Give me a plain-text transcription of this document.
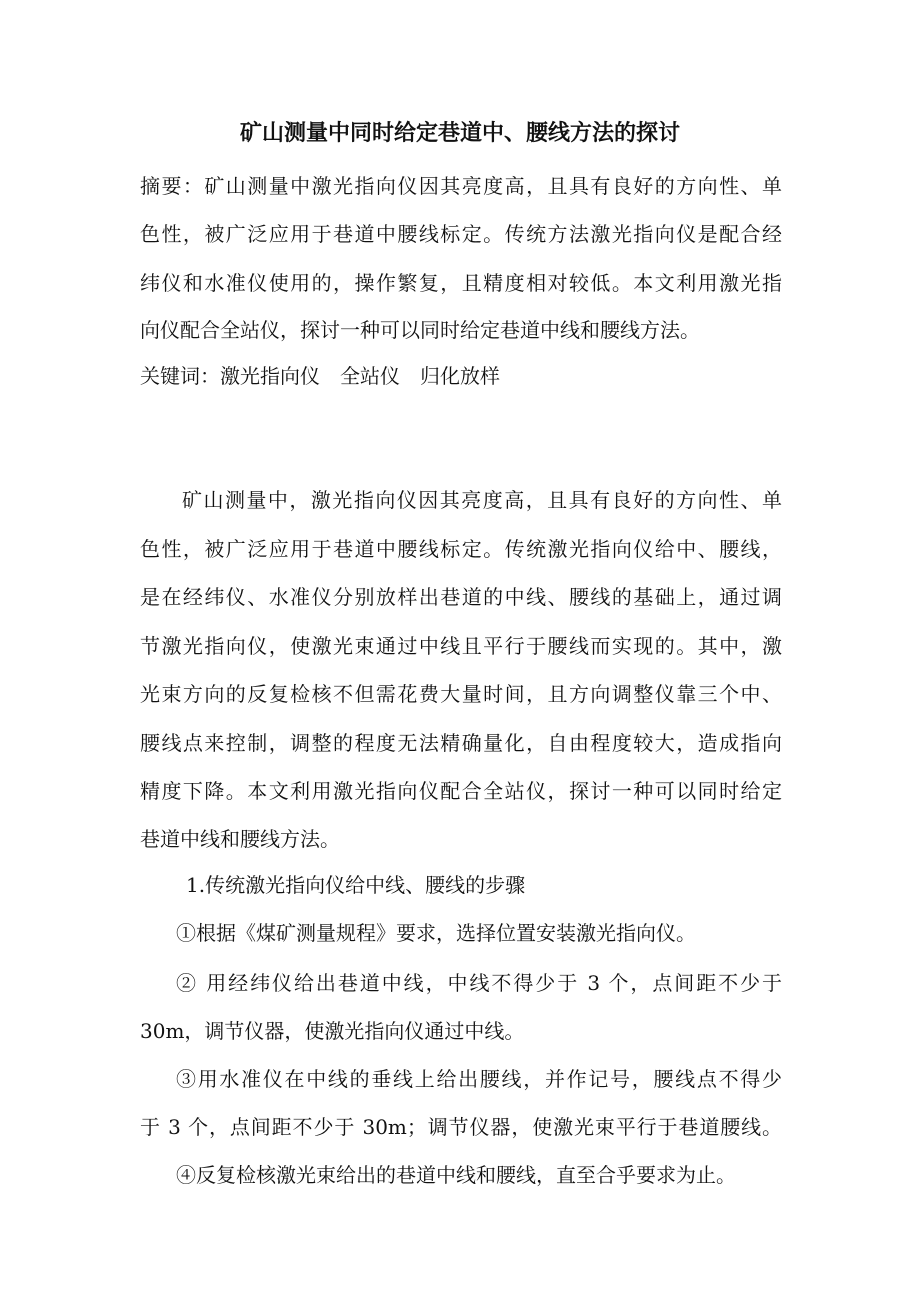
矿山测量中同时给定巷道中、腰线方法的探讨

摘要：矿山测量中激光指向仪因其亮度高，且具有良好的方向性、单

色性，被广泛应用于巷道中腰线标定。传统方法激光指向仪是配合经

纬仪和水准仪使用的，操作繁复，且精度相对较低。本文利用激光指

向仪配合全站仪，探讨一种可以同时给定巷道中线和腰线方法。

关键词：激光指向仪　全站仪　归化放样

矿山测量中，激光指向仪因其亮度高，且具有良好的方向性、单

色性，被广泛应用于巷道中腰线标定。传统激光指向仪给中、腰线，

是在经纬仪、水准仪分别放样出巷道的中线、腰线的基础上，通过调

节激光指向仪，使激光束通过中线且平行于腰线而实现的。其中，激

光束方向的反复检核不但需花费大量时间，且方向调整仪靠三个中、

腰线点来控制，调整的程度无法精确量化，自由程度较大，造成指向

精度下降。本文利用激光指向仪配合全站仪，探讨一种可以同时给定

巷道中线和腰线方法。

1.传统激光指向仪给中线、腰线的步骤

①根据《煤矿测量规程》要求，选择位置安装激光指向仪。

② 用经纬仪给出巷道中线，中线不得少于 3 个，点间距不少于

30m，调节仪器，使激光指向仪通过中线。

③用水准仪在中线的垂线上给出腰线，并作记号，腰线点不得少

于 3 个，点间距不少于 30m；调节仪器，使激光束平行于巷道腰线。

④反复检核激光束给出的巷道中线和腰线，直至合乎要求为止。
